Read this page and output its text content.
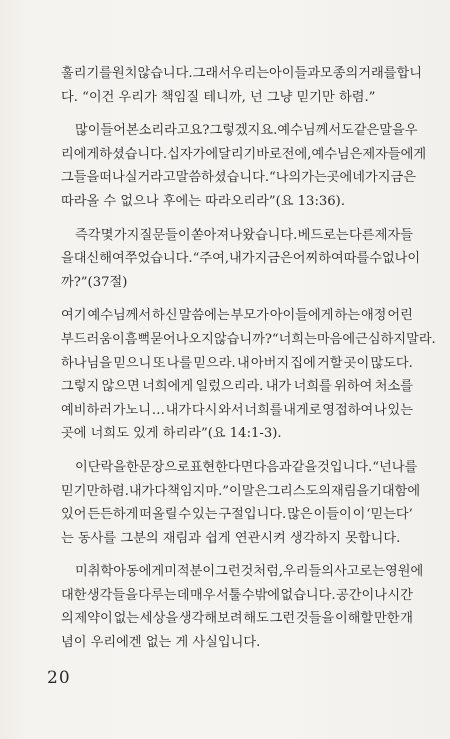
훌리기를 원치 않습니다. 그래서 우리는 아이들과 모종의 거래를 합니
다. “이건 우리가 책임질 테니까, 넌 그냥 믿기만 하렴.”
많이 들어본 소리라고요? 그렇겠지요. 예수님께서도 같은 말을 우
리에게 하셨습니다. 십자가에 달리기 바로 전에, 예수님은 제자들에게
그들을 떠나실 거라고 말씀하셨습니다. “나의 가는 곳에 네가 지금은
따라올 수 없으나 후에는 따라오리라”(요 13:36).
즉각 몇 가지 질문들이 쏟아져 나왔습니다. 베드로는 다른 제자들
을 대신해 여쭈었습니다. “주여, 내가 지금은 어찌하여 따를 수 없나이
까?”(37절)
여기 예수님께서 하신 말씀에는 부모가 아이들에게 하는 애정 어린
부드러움이 흠뻑 묻어나오지 않습니까? “너희는 마음에 근심하지 말라.
하나님을 믿으니 또 나를 믿으라. 내 아버지 집에 거할 곳이 많도다.
그렇지 않으면 너희에게 일렀으리라. 내가 너희를 위하여 처소를
예비하러 가노니 … 내가 다시 와서 너희를 내게로 영접하여 나 있는
곳에 너희도 있게 하리라”(요 14:1-3).
이 단락을 한 문장으로 표현한다면 다음과 같을 것입니다. “넌 나를
믿기만 하렴. 내가 다 책임지마.” 이 말은 그리스도의 재림을 기대함에
있어 든든하게 떠올릴 수 있는 구절입니다. 많은 이들이 이 ‘믿는다’
는 동사를 그분의 재림과 쉽게 연관시켜 생각하지 못합니다.
미취학 아동에게 미적분이 그런 것처럼, 우리들의 사고로는 영원에
대한 생각들을 다루는 데 매우 서툴 수밖에 없습니다. 공간이나 시간
의 제약이 없는 세상을 생각해보려 해도 그런 것들을 이해할 만한 개
념이 우리에겐 없는 게 사실입니다.
20
